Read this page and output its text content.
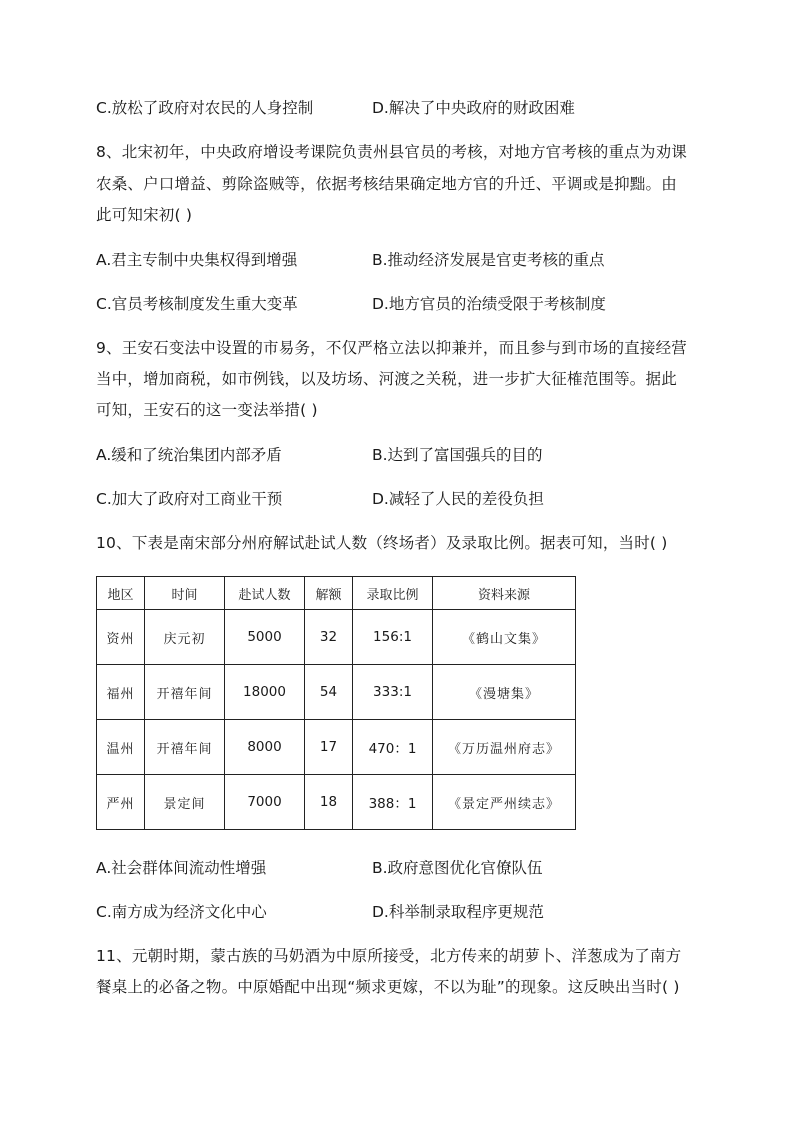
C.放松了政府对农民的人身控制	D.解决了中央政府的财政困难
8、北宋初年，中央政府增设考课院负责州县官员的考核，对地方官考核的重点为劝课
农桑、户口增益、剪除盗贼等，依据考核结果确定地方官的升迁、平调或是抑黜。由
此可知宋初( )
A.君主专制中央集权得到增强	B.推动经济发展是官吏考核的重点
C.官员考核制度发生重大变革	D.地方官员的治绩受限于考核制度
9、王安石变法中设置的市易务，不仅严格立法以抑兼并，而且参与到市场的直接经营
当中，增加商税，如市例钱，以及坊场、河渡之关税，进一步扩大征榷范围等。据此
可知，王安石的这一变法举措( )
A.缓和了统治集团内部矛盾	B.达到了富国强兵的目的
C.加大了政府对工商业干预	D.减轻了人民的差役负担
10、下表是南宋部分州府解试赴试人数（终场者）及录取比例。据表可知，当时( )
地区	时间	赴试人数	解额	录取比例	资料来源
资州	庆元初	5000	32	156:1	《鹤山文集》
福州	开禧年间	18000	54	333:1	《漫塘集》
温州	开禧年间	8000	17	470：1	《万历温州府志》
严州	景定间	7000	18	388：1	《景定严州续志》
A.社会群体间流动性增强	B.政府意图优化官僚队伍
C.南方成为经济文化中心	D.科举制录取程序更规范
11、元朝时期，蒙古族的马奶酒为中原所接受，北方传来的胡萝卜、洋葱成为了南方
餐桌上的必备之物。中原婚配中出现“频求更嫁，不以为耻”的现象。这反映出当时( )
